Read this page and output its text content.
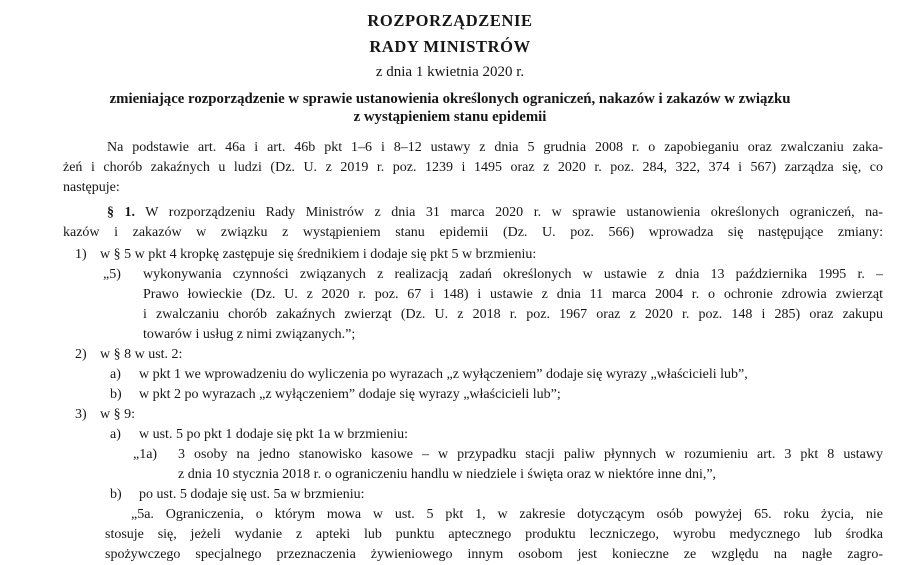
ROZPORZĄDZENIE
RADY MINISTRÓW
z dnia 1 kwietnia 2020 r.
zmieniające rozporządzenie w sprawie ustanowienia określonych ograniczeń, nakazów i zakazów w związku
z wystąpieniem stanu epidemii
Na podstawie art. 46a i art. 46b pkt 1–6 i 8–12 ustawy z dnia 5 grudnia 2008 r. o zapobieganiu oraz zwalczaniu zaka-
żeń i chorób zakaźnych u ludzi (Dz. U. z 2019 r. poz. 1239 i 1495 oraz z 2020 r. poz. 284, 322, 374 i 567) zarządza się, co
następuje:
§ 1. W rozporządzeniu Rady Ministrów z dnia 31 marca 2020 r. w sprawie ustanowienia określonych ograniczeń, na-
kazów i zakazów w związku z wystąpieniem stanu epidemii (Dz. U. poz. 566) wprowadza się następujące zmiany:
1) w § 5 w pkt 4 kropkę zastępuje się średnikiem i dodaje się pkt 5 w brzmieniu:
„5)	wykonywania czynności związanych z realizacją zadań określonych w ustawie z dnia 13 października 1995 r. –
Prawo łowieckie (Dz. U. z 2020 r. poz. 67 i 148) i ustawie z dnia 11 marca 2004 r. o ochronie zdrowia zwierząt
i zwalczaniu chorób zakaźnych zwierząt (Dz. U. z 2018 r. poz. 1967 oraz z 2020 r. poz. 148 i 285) oraz zakupu
towarów i usług z nimi związanych.”;
2) w § 8 w ust. 2:
a)	w pkt 1 we wprowadzeniu do wyliczenia po wyrazach „z wyłączeniem” dodaje się wyrazy „właścicieli lub”,
b)	w pkt 2 po wyrazach „z wyłączeniem” dodaje się wyrazy „właścicieli lub”;
3) w § 9:
a)	w ust. 5 po pkt 1 dodaje się pkt 1a w brzmieniu:
„1a)	3 osoby na jedno stanowisko kasowe – w przypadku stacji paliw płynnych w rozumieniu art. 3 pkt 8 ustawy
z dnia 10 stycznia 2018 r. o ograniczeniu handlu w niedziele i święta oraz w niektóre inne dni,”,
b)	po ust. 5 dodaje się ust. 5a w brzmieniu:
„5a. Ograniczenia, o którym mowa w ust. 5 pkt 1, w zakresie dotyczącym osób powyżej 65. roku życia, nie
stosuje się, jeżeli wydanie z apteki lub punktu aptecznego produktu leczniczego, wyrobu medycznego lub środka
spożywczego specjalnego przeznaczenia żywieniowego innym osobom jest konieczne ze względu na nagłe zagro-
